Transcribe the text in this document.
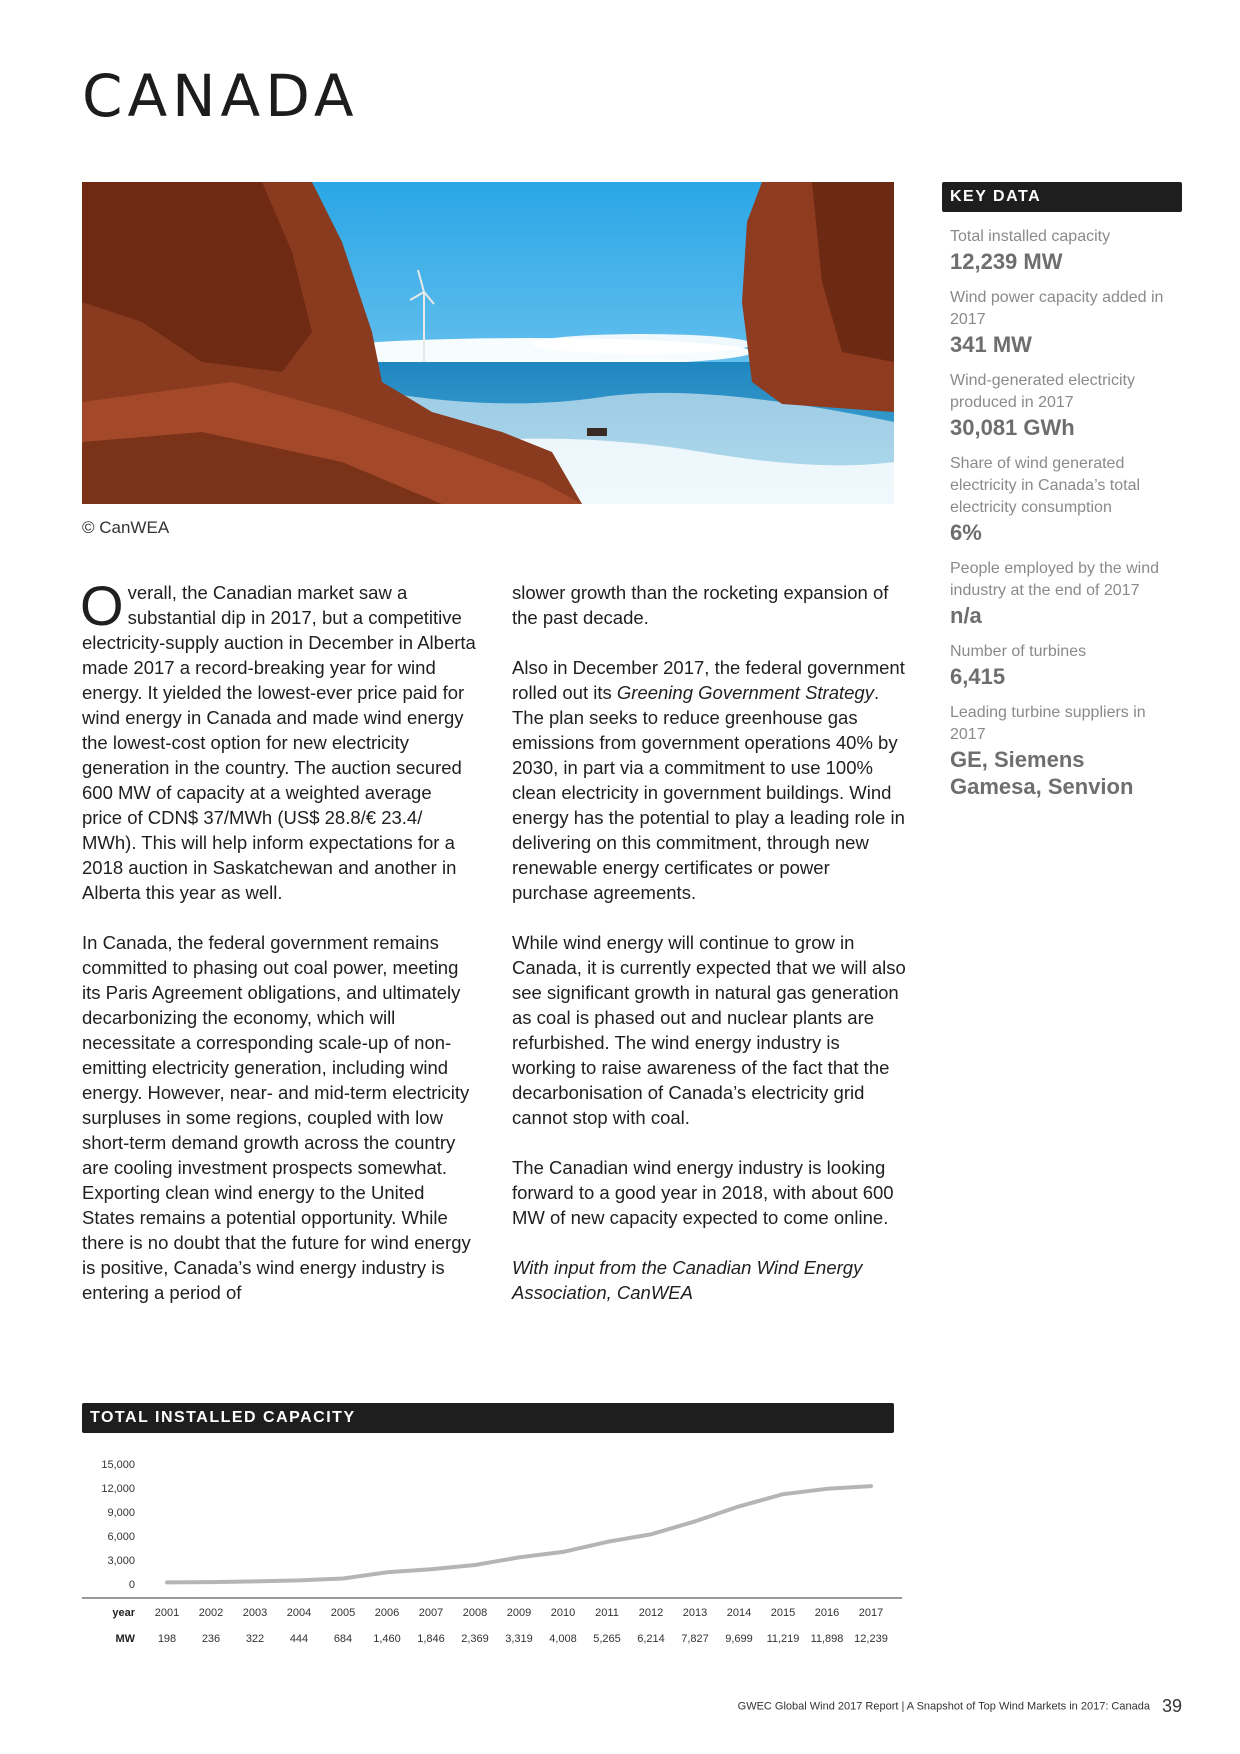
CANADA
© CanWEA

Overall, the Canadian market saw a substantial dip in 2017, but a competitive electricity-supply auction in December in Alberta made 2017 a record-breaking year for wind energy. It yielded the lowest-ever price paid for wind energy in Canada and made wind energy the lowest-cost option for new electricity generation in the country. The auction secured 600 MW of capacity at a weighted average price of CDN$ 37/MWh (US$ 28.8/€ 23.4/ MWh). This will help inform expectations for a 2018 auction in Saskatchewan and another in Alberta this year as well.

In Canada, the federal government remains committed to phasing out coal power, meeting its Paris Agreement obligations, and ultimately decarbonizing the economy, which will necessitate a corresponding scale-up of non-emitting electricity generation, including wind energy. However, near- and mid-term electricity surpluses in some regions, coupled with low short-term demand growth across the country are cooling investment prospects somewhat. Exporting clean wind energy to the United States remains a potential opportunity. While there is no doubt that the future for wind energy is positive, Canada’s wind energy industry is entering a period of

slower growth than the rocketing expansion of the past decade.

Also in December 2017, the federal government rolled out its Greening Government Strategy. The plan seeks to reduce greenhouse gas emissions from government operations 40% by 2030, in part via a commitment to use 100% clean electricity in government buildings. Wind energy has the potential to play a leading role in delivering on this commitment, through new renewable energy certificates or power purchase agreements.

While wind energy will continue to grow in Canada, it is currently expected that we will also see significant growth in natural gas generation as coal is phased out and nuclear plants are refurbished. The wind energy industry is working to raise awareness of the fact that the decarbonisation of Canada’s electricity grid cannot stop with coal.

The Canadian wind energy industry is looking forward to a good year in 2018, with about 600 MW of new capacity expected to come online.

With input from the Canadian Wind Energy Association, CanWEA

KEY DATA
Total installed capacity
12,239 MW
Wind power capacity added in 2017
341 MW
Wind-generated electricity produced in 2017
30,081 GWh
Share of wind generated electricity in Canada’s total electricity consumption
6%
People employed by the wind industry at the end of 2017
n/a
Number of turbines
6,415
Leading turbine suppliers in 2017
GE, Siemens Gamesa, Senvion
TOTAL INSTALLED CAPACITY
15,000
12,000
9,000
6,000
3,000
0
year
MW
2001
198
2002
236
2003
322
2004
444
2005
684
2006
1,460
2007
1,846
2008
2,369
2009
3,319
2010
4,008
2011
5,265
2012
6,214
2013
7,827
2014
9,699
2015
11,219
2016
11,898
2017
12,239
GWEC Global Wind 2017 Report | A Snapshot of Top Wind Markets in 2017: Canada 39
